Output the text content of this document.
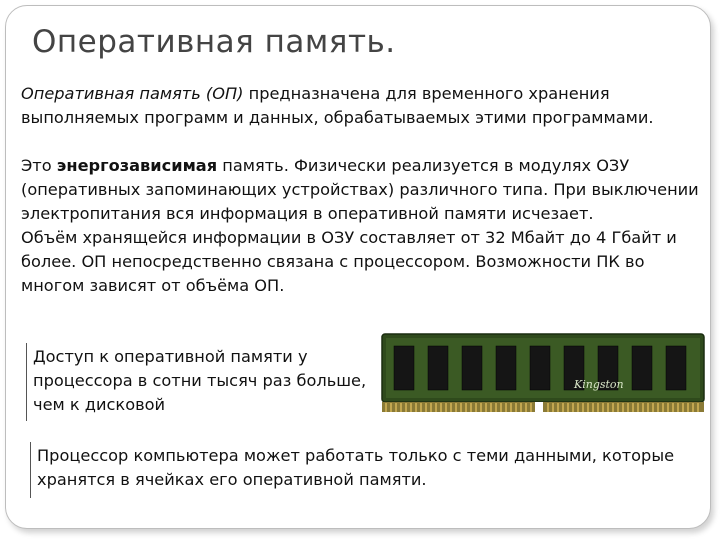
Оперативная память.
Оперативная память (ОП) предназначена для временного хранения выполняемых программ и данных, обрабатываемых этими программами.
Это энергозависимая память. Физически реализуется в модулях ОЗУ (оперативных запоминающих устройствах) различного типа. При выключении электропитания вся информация в оперативной памяти исчезает.
Объём хранящейся информации в ОЗУ составляет от 32 Мбайт до 4 Гбайт и более. ОП непосредственно связана с процессором. Возможности ПК во многом зависят от объёма ОП.
Доступ к оперативной памяти у процессора в сотни тысяч раз больше, чем к дисковой
Kingston
Процессор компьютера может работать только с теми данными, которые хранятся в ячейках его оперативной памяти.
